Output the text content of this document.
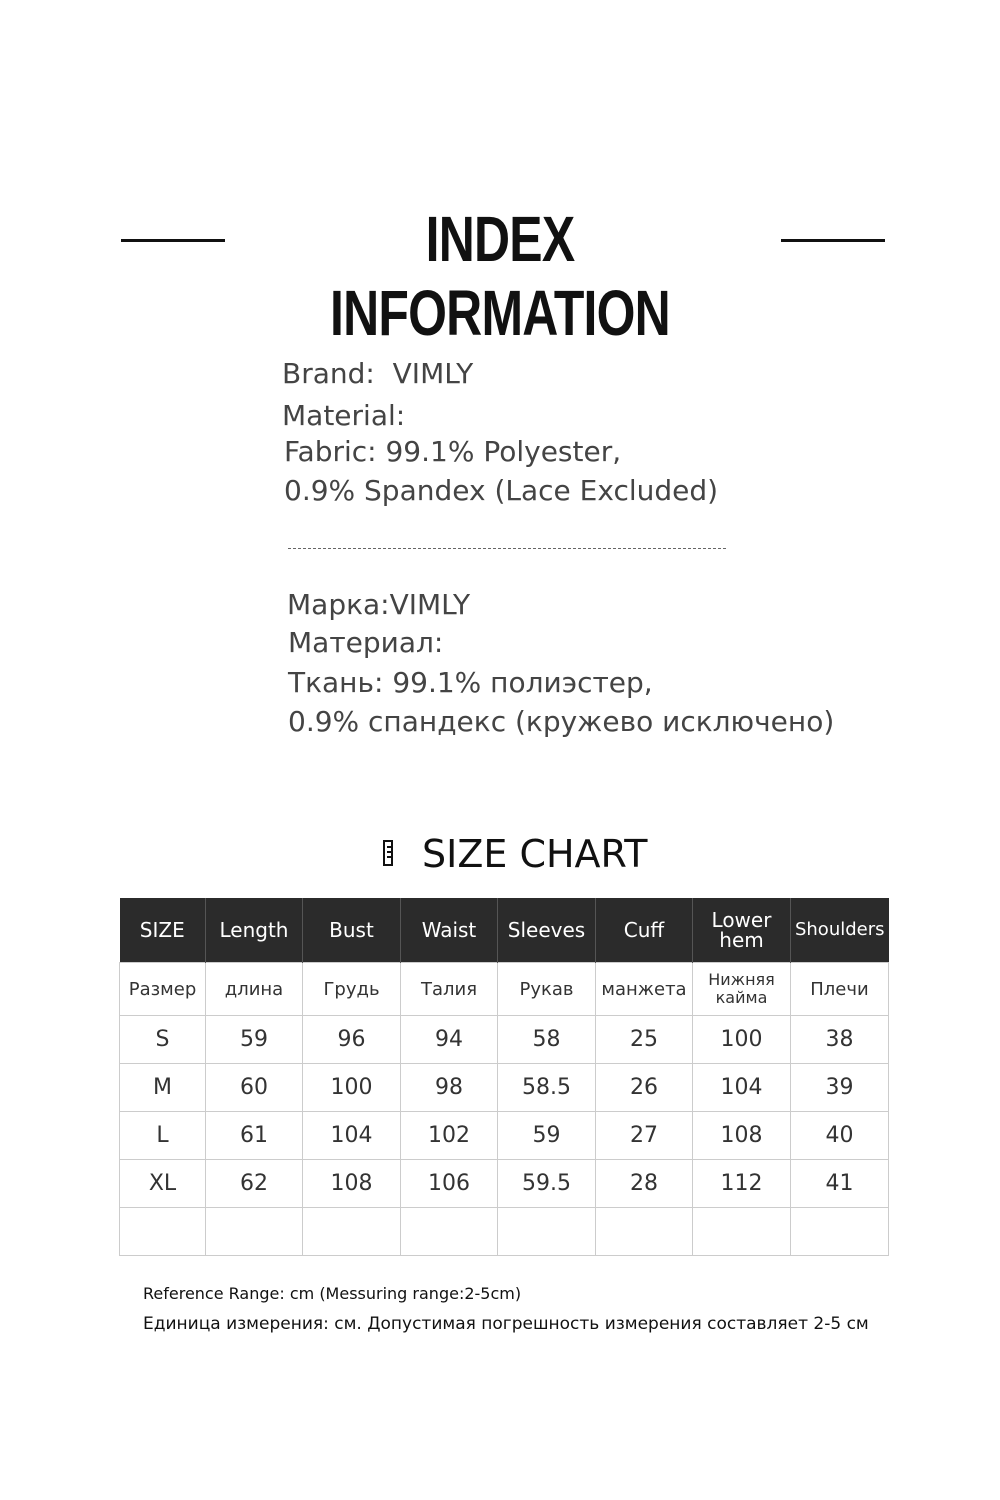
INDEX INFORMATION
Brand: VIMLY
Material:
Fabric: 99.1% Polyester,
0.9% Spandex (Lace Excluded)
Марка:VIMLY
Материал:
Ткань: 99.1% полиэстер,
0.9% спандекс (кружево исключено)
SIZE CHART
SIZE	Length	Bust	Waist	Sleeves	Cuff	Lower hem	Shoulders
Размер	длина	Грудь	Талия	Рукав	манжета	Нижняя кайма	Плечи
S	59	96	94	58	25	100	38
M	60	100	98	58.5	26	104	39
L	61	104	102	59	27	108	40
XL	62	108	106	59.5	28	112	41

Reference Range: cm (Messuring range:2-5cm)
Единица измерения: см. Допустимая погрешность измерения составляет 2-5 см
